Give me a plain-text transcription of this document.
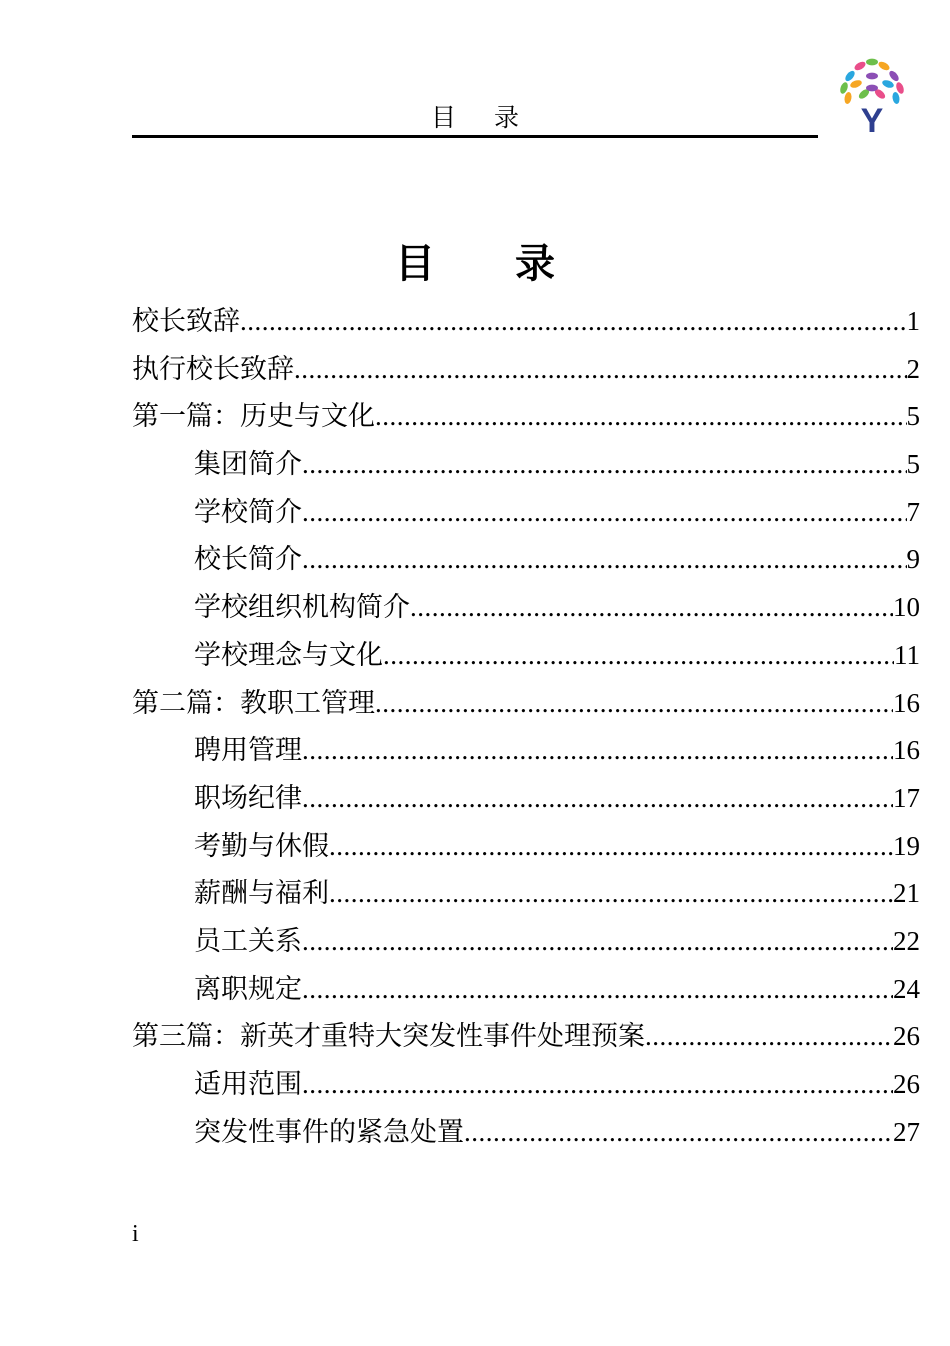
目录	Y
目录
校长致辞 .....	1
执行校长致辞 .....	2
第一篇：历史与文化 .....	5
集团简介 .....	5
学校简介 .....	7
校长简介 .....	9
学校组织机构简介 .....	10
学校理念与文化 .....	11
第二篇：教职工管理 .....	16
聘用管理 .....	16
职场纪律 .....	17
考勤与休假 .....	19
薪酬与福利 .....	21
员工关系 .....	22
离职规定 .....	24
第三篇：新英才重特大突发性事件处理预案 .....	26
适用范围 .....	26
突发性事件的紧急处置 .....	27
i
